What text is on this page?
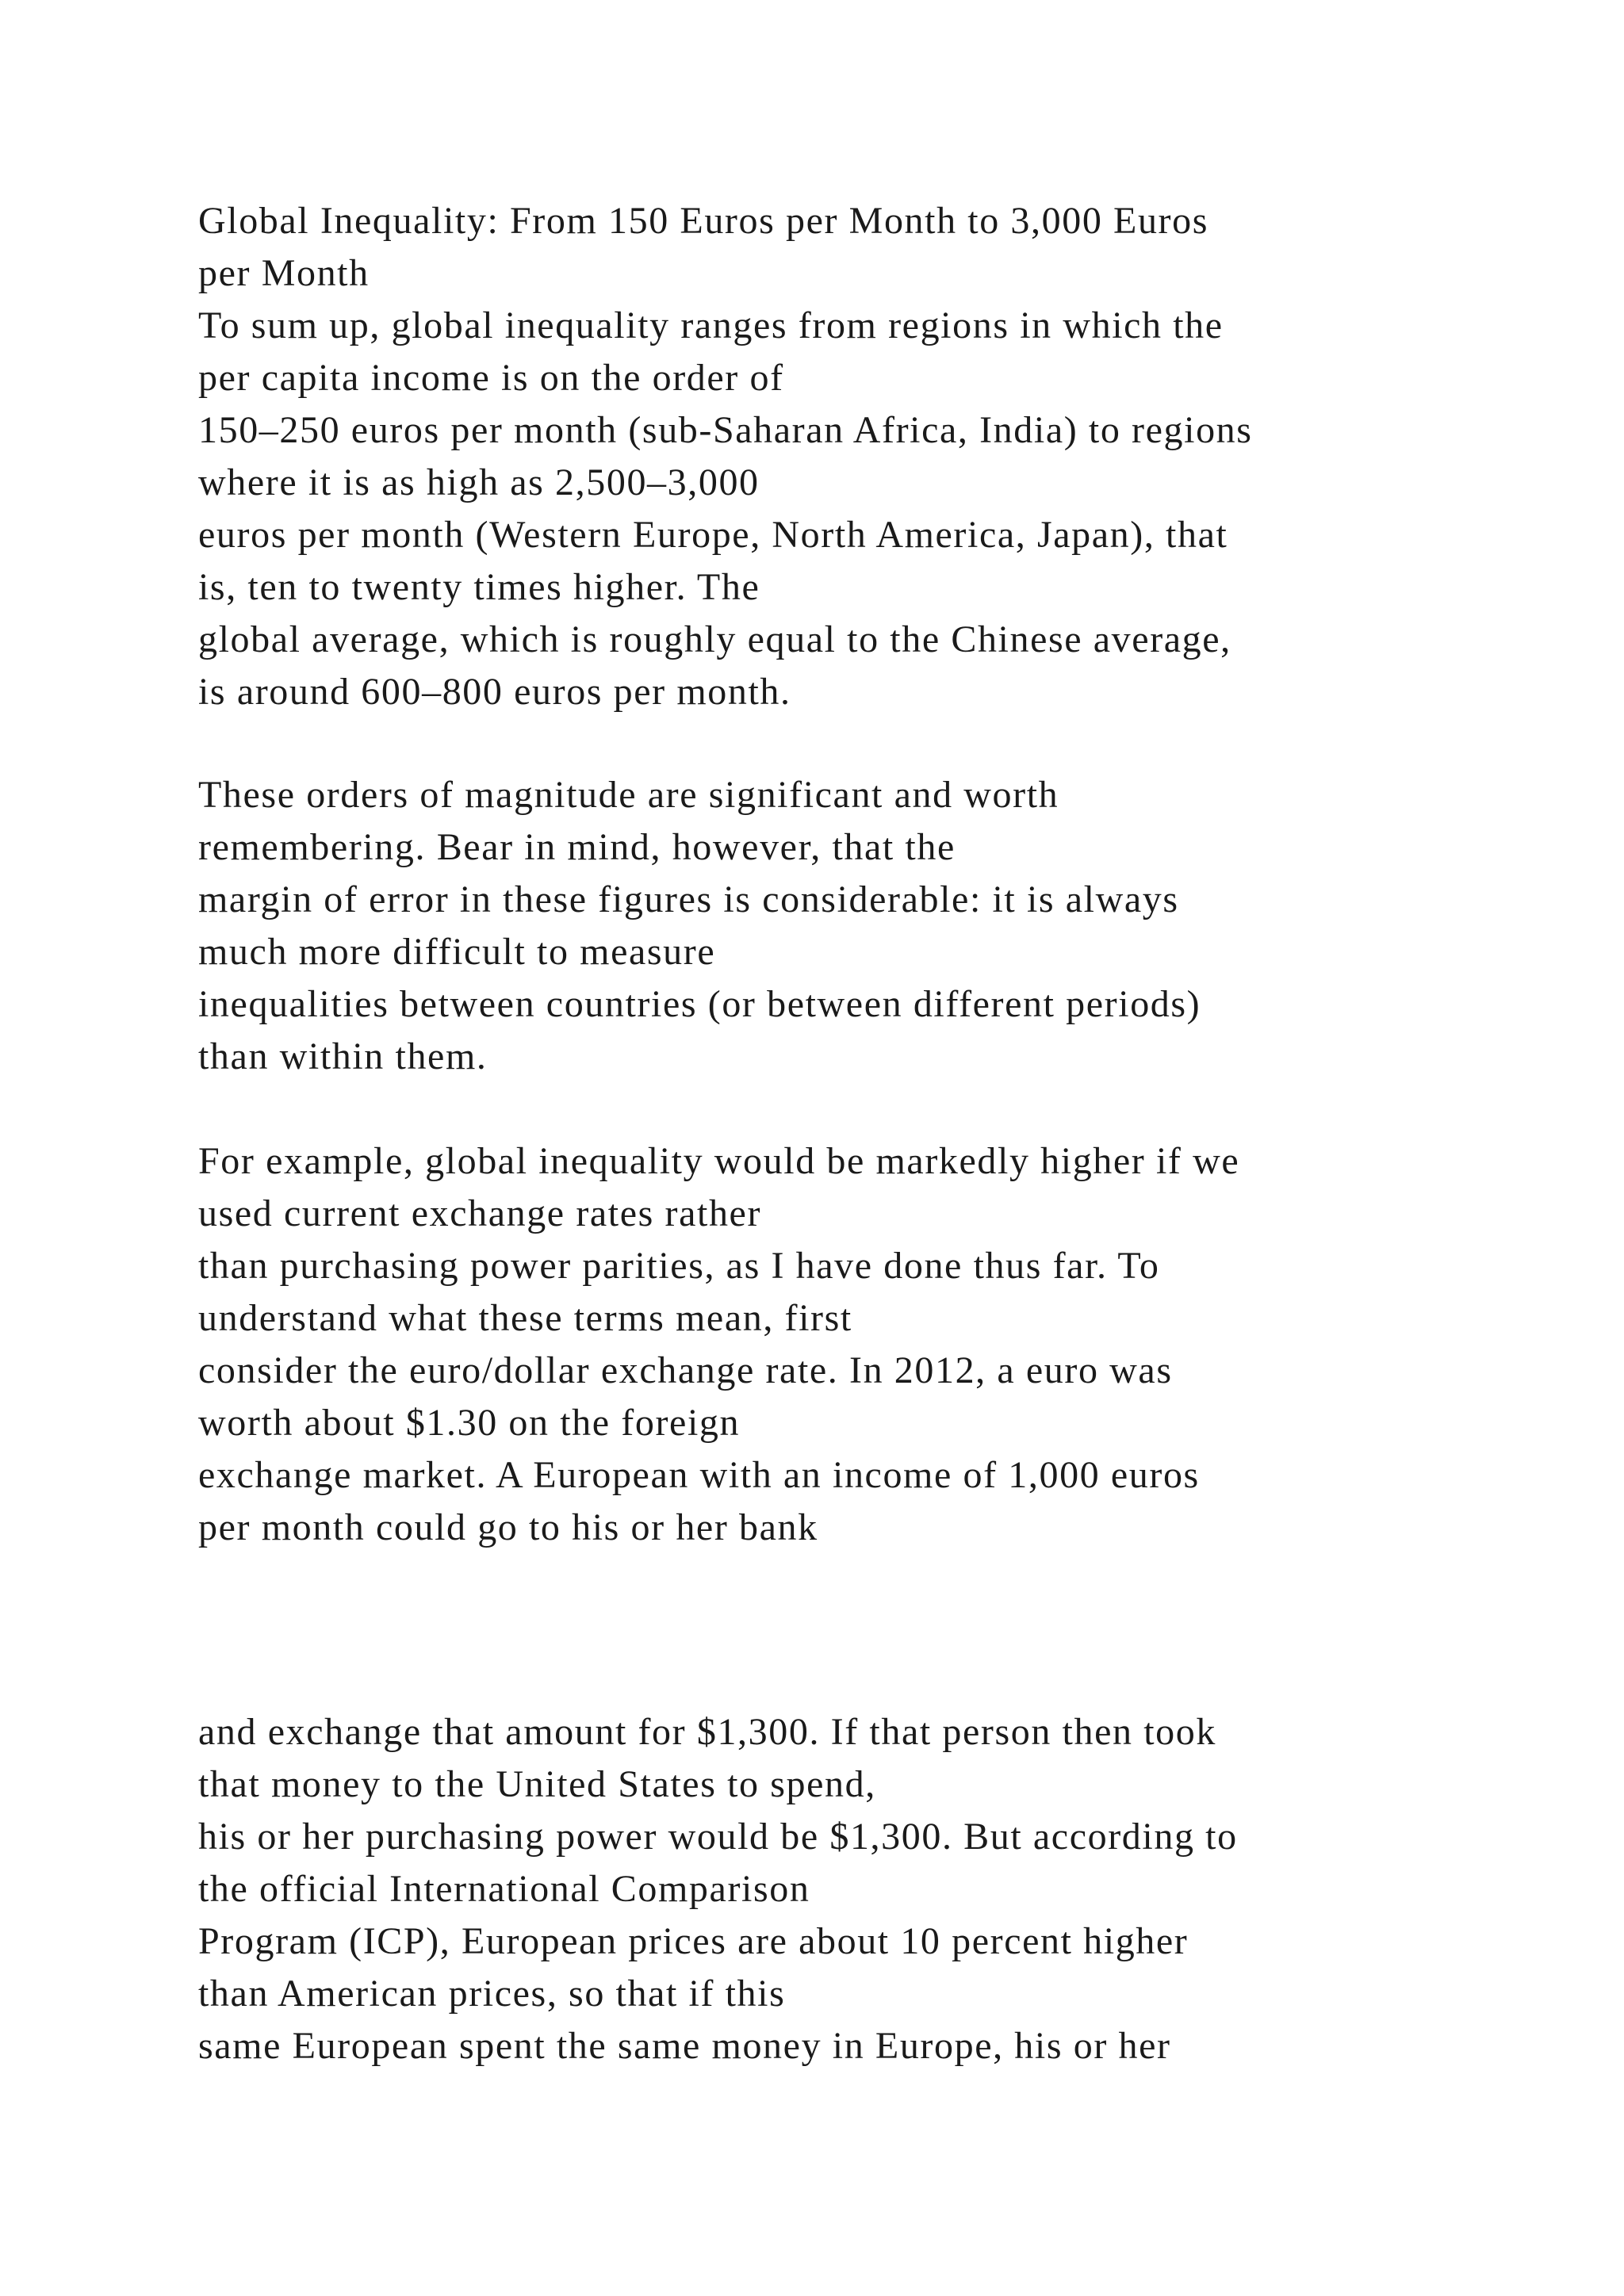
Global Inequality: From 150 Euros per Month to 3,000 Euros
per Month
To sum up, global inequality ranges from regions in which the
per capita income is on the order of
150–250 euros per month (sub-Saharan Africa, India) to regions
where it is as high as 2,500–3,000
euros per month (Western Europe, North America, Japan), that
is, ten to twenty times higher. The
global average, which is roughly equal to the Chinese average,
is around 600–800 euros per month.

These orders of magnitude are significant and worth
remembering. Bear in mind, however, that the
margin of error in these figures is considerable: it is always
much more difficult to measure
inequalities between countries (or between different periods)
than within them.

For example, global inequality would be markedly higher if we
used current exchange rates rather
than purchasing power parities, as I have done thus far. To
understand what these terms mean, first
consider the euro/dollar exchange rate. In 2012, a euro was
worth about $1.30 on the foreign
exchange market. A European with an income of 1,000 euros
per month could go to his or her bank

and exchange that amount for $1,300. If that person then took
that money to the United States to spend,
his or her purchasing power would be $1,300. But according to
the official International Comparison
Program (ICP), European prices are about 10 percent higher
than American prices, so that if this
same European spent the same money in Europe, his or her
